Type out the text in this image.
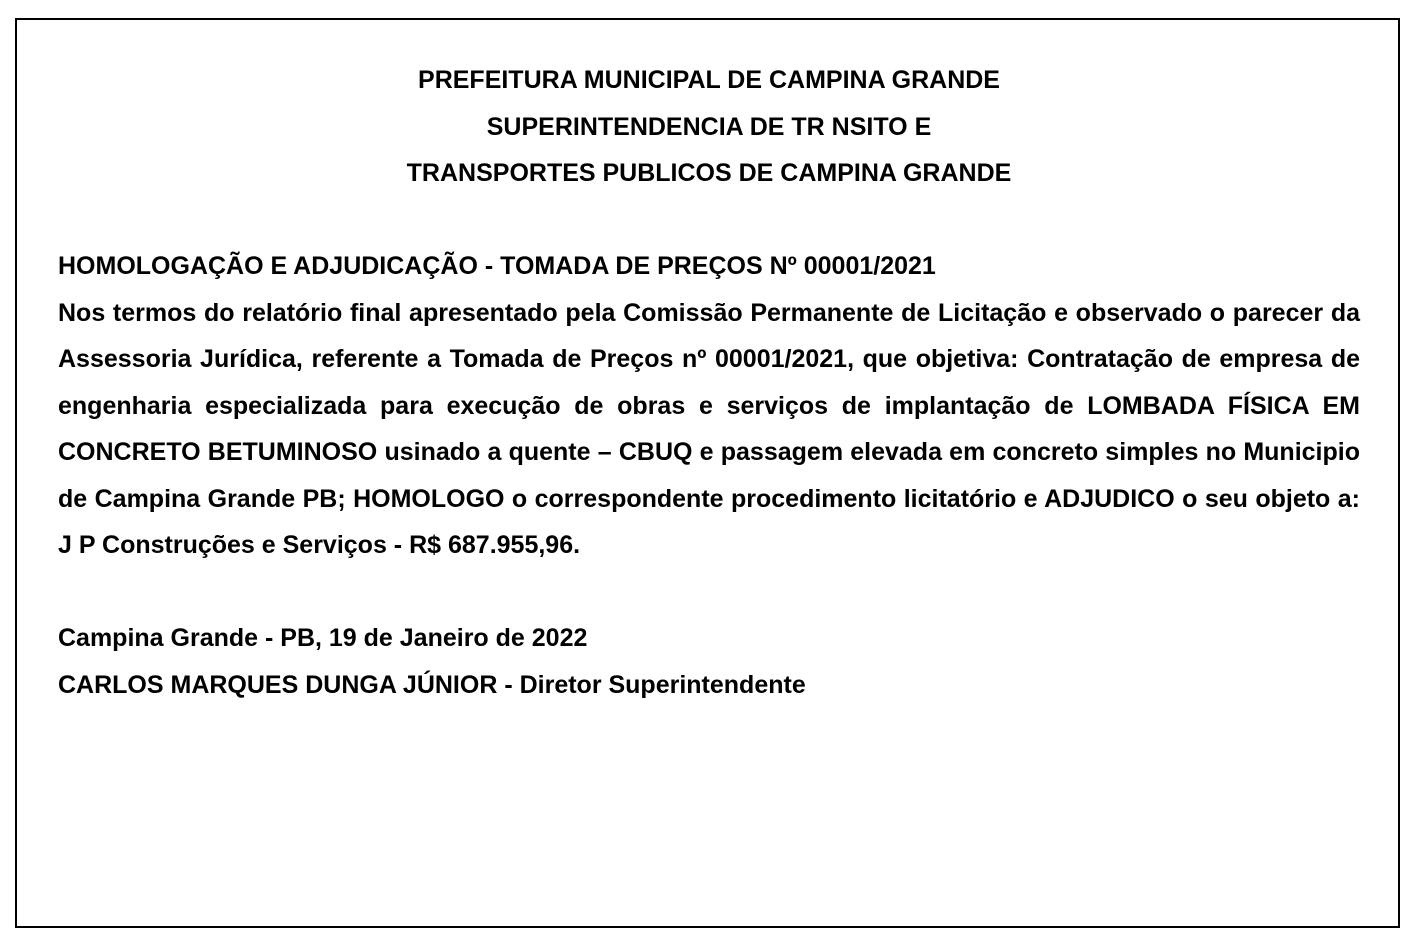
PREFEITURA MUNICIPAL DE CAMPINA GRANDE
SUPERINTENDENCIA DE TR NSITO E
TRANSPORTES PUBLICOS DE CAMPINA GRANDE
HOMOLOGAÇÃO E ADJUDICAÇÃO - TOMADA DE PREÇOS Nº 00001/2021

Nos termos do relatório final apresentado pela Comissão Permanente de Licitação e observado o parecer da Assessoria Jurídica, referente a Tomada de Preços nº 00001/2021, que objetiva: Contratação de empresa de engenharia especializada para execução de obras e serviços de implantação de LOMBADA FÍSICA EM CONCRETO BETUMINOSO usinado a quente – CBUQ e passagem elevada em concreto simples no Municipio de Campina Grande PB; HOMOLOGO o correspondente procedimento licitatório e ADJUDICO o seu objeto a: J P Construções e Serviços - R$ 687.955,96.

Campina Grande - PB, 19 de Janeiro de 2022
CARLOS MARQUES DUNGA JÚNIOR - Diretor Superintendente
